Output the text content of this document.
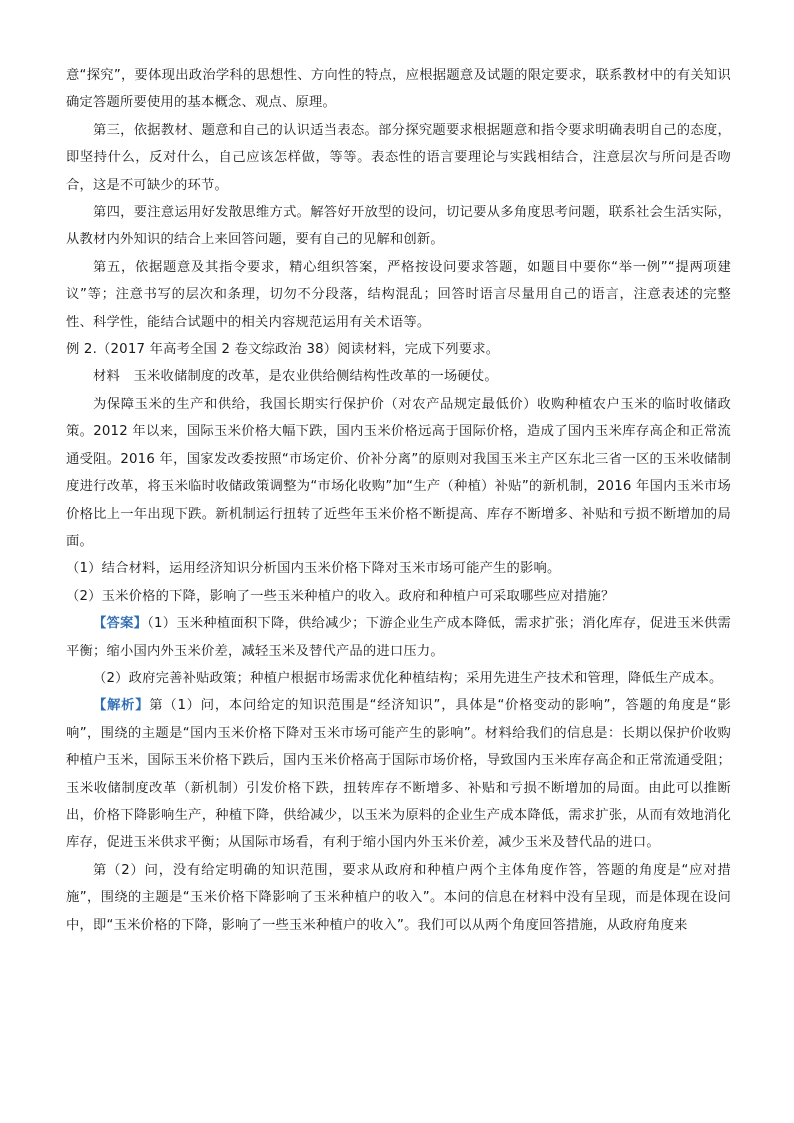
意“探究”，要体现出政治学科的思想性、方向性的特点，应根据题意及试题的限定要求，联系教材中的有关知识确定答题所要使用的基本概念、观点、原理。

第三，依据教材、题意和自己的认识适当表态。部分探究题要求根据题意和指令要求明确表明自己的态度，即坚持什么，反对什么，自己应该怎样做，等等。表态性的语言要理论与实践相结合，注意层次与所问是否吻合，这是不可缺少的环节。

第四，要注意运用好发散思维方式。解答好开放型的设问，切记要从多角度思考问题，联系社会生活实际，从教材内外知识的结合上来回答问题，要有自己的见解和创新。

第五，依据题意及其指令要求，精心组织答案，严格按设问要求答题，如题目中要你“举一例”“提两项建议”等；注意书写的层次和条理，切勿不分段落，结构混乱；回答时语言尽量用自己的语言，注意表述的完整性、科学性，能结合试题中的相关内容规范运用有关术语等。

例 2.（2017 年高考全国 2 卷文综政治 38）阅读材料，完成下列要求。

材料　玉米收储制度的改革，是农业供给侧结构性改革的一场硬仗。

为保障玉米的生产和供给，我国长期实行保护价（对农产品规定最低价）收购种植农户玉米的临时收储政策。2012 年以来，国际玉米价格大幅下跌，国内玉米价格远高于国际价格，造成了国内玉米库存高企和正常流通受阻。2016 年，国家发改委按照“市场定价、价补分离”的原则对我国玉米主产区东北三省一区的玉米收储制度进行改革，将玉米临时收储政策调整为“市场化收购”加“生产（种植）补贴”的新机制，2016 年国内玉米市场价格比上一年出现下跌。新机制运行扭转了近些年玉米价格不断提高、库存不断增多、补贴和亏损不断增加的局面。

（1）结合材料，运用经济知识分析国内玉米价格下降对玉米市场可能产生的影响。

（2）玉米价格的下降，影响了一些玉米种植户的收入。政府和种植户可采取哪些应对措施？

【答案】（1）玉米种植面积下降，供给减少；下游企业生产成本降低，需求扩张；消化库存，促进玉米供需平衡；缩小国内外玉米价差，减轻玉米及替代产品的进口压力。

（2）政府完善补贴政策；种植户根据市场需求优化种植结构；采用先进生产技术和管理，降低生产成本。

【解析】第（1）问，本问给定的知识范围是“经济知识”，具体是“价格变动的影响”，答题的角度是“影响”，围绕的主题是“国内玉米价格下降对玉米市场可能产生的影响”。材料给我们的信息是：长期以保护价收购种植户玉米，国际玉米价格下跌后，国内玉米价格高于国际市场价格，导致国内玉米库存高企和正常流通受阻；玉米收储制度改革（新机制）引发价格下跌，扭转库存不断增多、补贴和亏损不断增加的局面。由此可以推断出，价格下降影响生产，种植下降，供给减少，以玉米为原料的企业生产成本降低，需求扩张，从而有效地消化库存，促进玉米供求平衡；从国际市场看，有利于缩小国内外玉米价差，减少玉米及替代品的进口。

第（2）问，没有给定明确的知识范围，要求从政府和种植户两个主体角度作答，答题的角度是“应对措施”，围绕的主题是“玉米价格下降影响了玉米种植户的收入”。本问的信息在材料中没有呈现，而是体现在设问中，即“玉米价格的下降，影响了一些玉米种植户的收入”。我们可以从两个角度回答措施，从政府角度来
